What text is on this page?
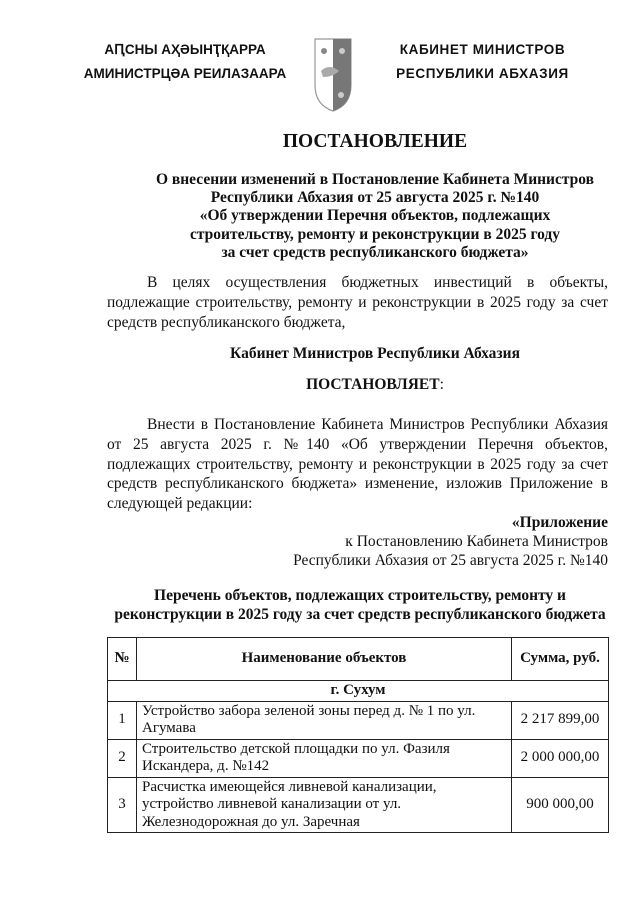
АԤСНЫ АҲӘЫНҬҚАРРА
АМИНИСТРЦӘА РЕИЛАЗААРА
КАБИНЕТ МИНИСТРОВ
РЕСПУБЛИКИ АБХАЗИЯ
ПОСТАНОВЛЕНИЕ
О внесении изменений в Постановление Кабинета Министров
Республики Абхазия от 25 августа 2025 г. №140
«Об утверждении Перечня объектов, подлежащих
строительству, ремонту и реконструкции в 2025 году
за счет средств республиканского бюджета»
В целях осуществления бюджетных инвестиций в объекты, подлежащие строительству, ремонту и реконструкции в 2025 году за счет средств республиканского бюджета,
Кабинет Министров Республики Абхазия
ПОСТАНОВЛЯЕТ:
Внести в Постановление Кабинета Министров Республики Абхазия от 25 августа 2025 г. №140 «Об утверждении Перечня объектов, подлежащих строительству, ремонту и реконструкции в 2025 году за счет средств республиканского бюджета» изменение, изложив Приложение в следующей редакции:
«Приложение
к Постановлению Кабинета Министров
Республики Абхазия от 25 августа 2025 г. №140
Перечень объектов, подлежащих строительству, ремонту и
реконструкции в 2025 году за счет средств республиканского бюджета
№	Наименование объектов	Сумма, руб.
г. Сухум		
1	Устройство забора зеленой зоны перед д. № 1 по ул. Агумава	2 217 899,00
2	Строительство детской площадки по ул. Фазиля Искандера, д. №142	2 000 000,00
3	Расчистка имеющейся ливневой канализации, устройство ливневой канализации от ул. Железнодорожная до ул. Заречная	900 000,00
